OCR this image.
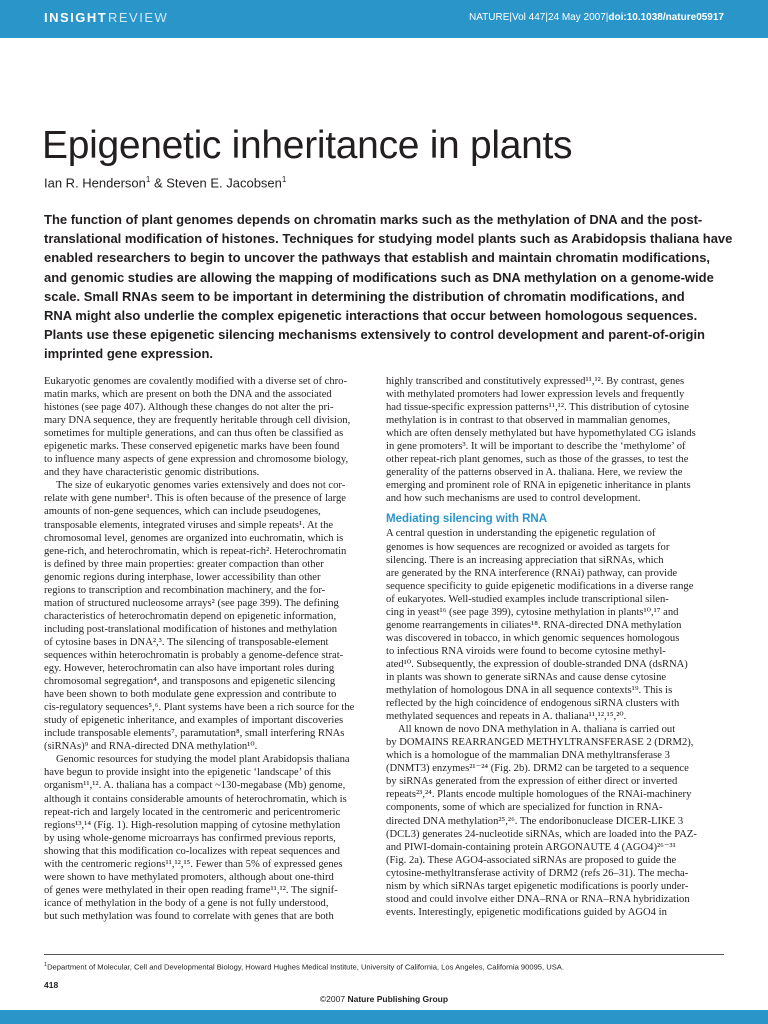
INSIGHT REVIEW	NATURE|Vol 447|24 May 2007|doi:10.1038/nature05917
Epigenetic inheritance in plants
Ian R. Henderson$^1$ & Steven E. Jacobsen$^1$
The function of plant genomes depends on chromatin marks such as the methylation of DNA and the post-
translational modification of histones. Techniques for studying model plants such as Arabidopsis thaliana have
enabled researchers to begin to uncover the pathways that establish and maintain chromatin modifications,
and genomic studies are allowing the mapping of modifications such as DNA methylation on a genome-wide
scale. Small RNAs seem to be important in determining the distribution of chromatin modifications, and
RNA might also underlie the complex epigenetic interactions that occur between homologous sequences.
Plants use these epigenetic silencing mechanisms extensively to control development and parent-of-origin
imprinted gene expression.
Eukaryotic genomes are covalently modified with a diverse set of chro-
matin marks, which are present on both the DNA and the associated
histones (see page 407). Although these changes do not alter the pri-
mary DNA sequence, they are frequently heritable through cell division,
sometimes for multiple generations, and can thus often be classified as
epigenetic marks. These conserved epigenetic marks have been found
to influence many aspects of gene expression and chromosome biology,
and they have characteristic genomic distributions.
The size of eukaryotic genomes varies extensively and does not cor-
relate with gene number¹. This is often because of the presence of large
amounts of non-gene sequences, which can include pseudogenes,
transposable elements, integrated viruses and simple repeats¹. At the
chromosomal level, genomes are organized into euchromatin, which is
gene-rich, and heterochromatin, which is repeat-rich². Heterochromatin
is defined by three main properties: greater compaction than other
genomic regions during interphase, lower accessibility than other
regions to transcription and recombination machinery, and the for-
mation of structured nucleosome arrays² (see page 399). The defining
characteristics of heterochromatin depend on epigenetic information,
including post-translational modification of histones and methylation
of cytosine bases in DNA²,³. The silencing of transposable-element
sequences within heterochromatin is probably a genome-defence strat-
egy. However, heterochromatin can also have important roles during
chromosomal segregation⁴, and transposons and epigenetic silencing
have been shown to both modulate gene expression and contribute to
cis-regulatory sequences⁵,⁶. Plant systems have been a rich source for the
study of epigenetic inheritance, and examples of important discoveries
include transposable elements⁷, paramutation⁸, small interfering RNAs
(siRNAs)⁹ and RNA-directed DNA methylation¹⁰.
Genomic resources for studying the model plant Arabidopsis thaliana
have begun to provide insight into the epigenetic ‘landscape’ of this
organism¹¹,¹². A. thaliana has a compact ~130-megabase (Mb) genome,
although it contains considerable amounts of heterochromatin, which is
repeat-rich and largely located in the centromeric and pericentromeric
regions¹³,¹⁴ (Fig. 1). High-resolution mapping of cytosine methylation
by using whole-genome microarrays has confirmed previous reports,
showing that this modification co-localizes with repeat sequences and
with the centromeric regions¹¹,¹²,¹⁵. Fewer than 5% of expressed genes
were shown to have methylated promoters, although about one-third
of genes were methylated in their open reading frame¹¹,¹². The signif-
icance of methylation in the body of a gene is not fully understood,
but such methylation was found to correlate with genes that are both
highly transcribed and constitutively expressed¹¹,¹². By contrast, genes
with methylated promoters had lower expression levels and frequently
had tissue-specific expression patterns¹¹,¹². This distribution of cytosine
methylation is in contrast to that observed in mammalian genomes,
which are often densely methylated but have hypomethylated CG islands
in gene promoters³. It will be important to describe the ‘methylome’ of
other repeat-rich plant genomes, such as those of the grasses, to test the
generality of the patterns observed in A. thaliana. Here, we review the
emerging and prominent role of RNA in epigenetic inheritance in plants
and how such mechanisms are used to control development.
Mediating silencing with RNA
A central question in understanding the epigenetic regulation of
genomes is how sequences are recognized or avoided as targets for
silencing. There is an increasing appreciation that siRNAs, which
are generated by the RNA interference (RNAi) pathway, can provide
sequence specificity to guide epigenetic modifications in a diverse range
of eukaryotes. Well-studied examples include transcriptional silen-
cing in yeast¹⁶ (see page 399), cytosine methylation in plants¹⁰,¹⁷ and
genome rearrangements in ciliates¹⁸. RNA-directed DNA methylation
was discovered in tobacco, in which genomic sequences homologous
to infectious RNA viroids were found to become cytosine methyl-
ated¹⁰. Subsequently, the expression of double-stranded DNA (dsRNA)
in plants was shown to generate siRNAs and cause dense cytosine
methylation of homologous DNA in all sequence contexts¹⁹. This is
reflected by the high coincidence of endogenous siRNA clusters with
methylated sequences and repeats in A. thaliana¹¹,¹²,¹⁵,²⁰.
All known de novo DNA methylation in A. thaliana is carried out
by DOMAINS REARRANGED METHYLTRANSFERASE 2 (DRM2),
which is a homologue of the mammalian DNA methyltransferase 3
(DNMT3) enzymes²¹⁻²⁴ (Fig. 2b). DRM2 can be targeted to a sequence
by siRNAs generated from the expression of either direct or inverted
repeats²³,²⁴. Plants encode multiple homologues of the RNAi-machinery
components, some of which are specialized for function in RNA-
directed DNA methylation²⁵,²⁶. The endoribonuclease DICER-LIKE 3
(DCL3) generates 24-nucleotide siRNAs, which are loaded into the PAZ-
and PIWI-domain-containing protein ARGONAUTE 4 (AGO4)²⁶⁻³¹
(Fig. 2a). These AGO4-associated siRNAs are proposed to guide the
cytosine-methyltransferase activity of DRM2 (refs 26–31). The mecha-
nism by which siRNAs target epigenetic modifications is poorly under-
stood and could involve either DNA–RNA or RNA–RNA hybridization
events. Interestingly, epigenetic modifications guided by AGO4 in
$^1$Department of Molecular, Cell and Developmental Biology, Howard Hughes Medical Institute, University of California, Los Angeles, California 90095, USA.
418
©2007 Nature Publishing Group
